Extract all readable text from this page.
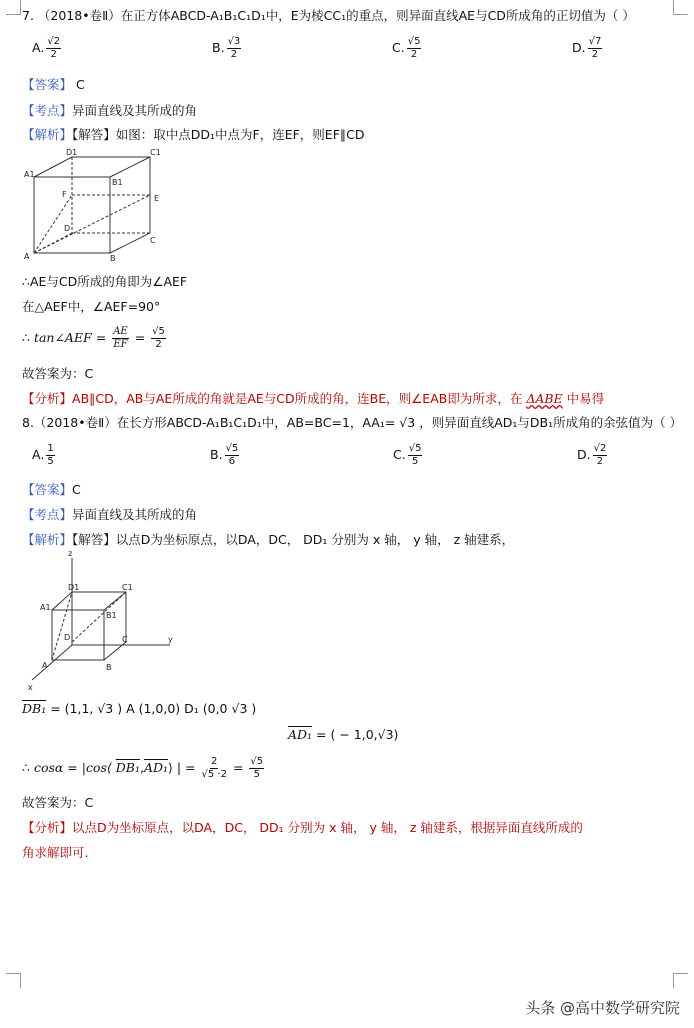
7. （2018•卷Ⅱ）在正方体ABCD-A₁B₁C₁D₁中，E为棱CC₁的重点，则异面直线AE与CD所成角的正切值为（ ）
A. $\frac{√2}{2}$	B. $\frac{√3}{2}$	C. $\frac{√5}{2}$	D. $\frac{√7}{2}$
【答案】 C
【考点】异面直线及其所成的角
【解析】【解答】如图：取中点DD₁中点为F，连EF，则EF∥CD
D1	C1
A1
B1
F	E
D
C
A	B
∴AE与CD所成的角即为∠AEF
在△AEF中，∠AEF=90°
∴ tan∠AEF = $\frac{AE}{EF} = \frac{√5}{2}$
故答案为：C
【分析】AB∥CD，AB与AE所成的角就是AE与CD所成的角，连BE，则∠EAB即为所求，在 ΔABE 中易得
8.（2018•卷Ⅱ）在长方形ABCD-A₁B₁C₁D₁中，AB=BC=1，AA₁= √3 ，则异面直线AD₁与DB₁所成角的余弦值为（ ）
A. $\frac{1}{5}$	B. $\frac{√5}{6}$	C. $\frac{√5}{5}$	D. $\frac{√2}{2}$
【答案】C
【考点】异面直线及其所成的角
【解析】【解答】以点D为坐标原点，以DA，DC， DD₁ 分别为 x 轴， y 轴， z 轴建系，
z
D1	C1
A1
B1
D	C
A	B
y
x
DB₁ = (1,1, √3 ) A (1,0,0) D₁ (0,0 √3 )
AD₁ = ( − 1,0,√3)
∴ cosα = |cos⟨ DB₁,AD₁⟩ | = $\frac{2}{√5 \cdot 2} = \frac{√5}{5}$
故答案为：C
【分析】以点D为坐标原点，以DA，DC， DD₁ 分别为 x 轴， y 轴， z 轴建系，根据异面直线所成的
角求解即可.
头条 @高中数学研究院
